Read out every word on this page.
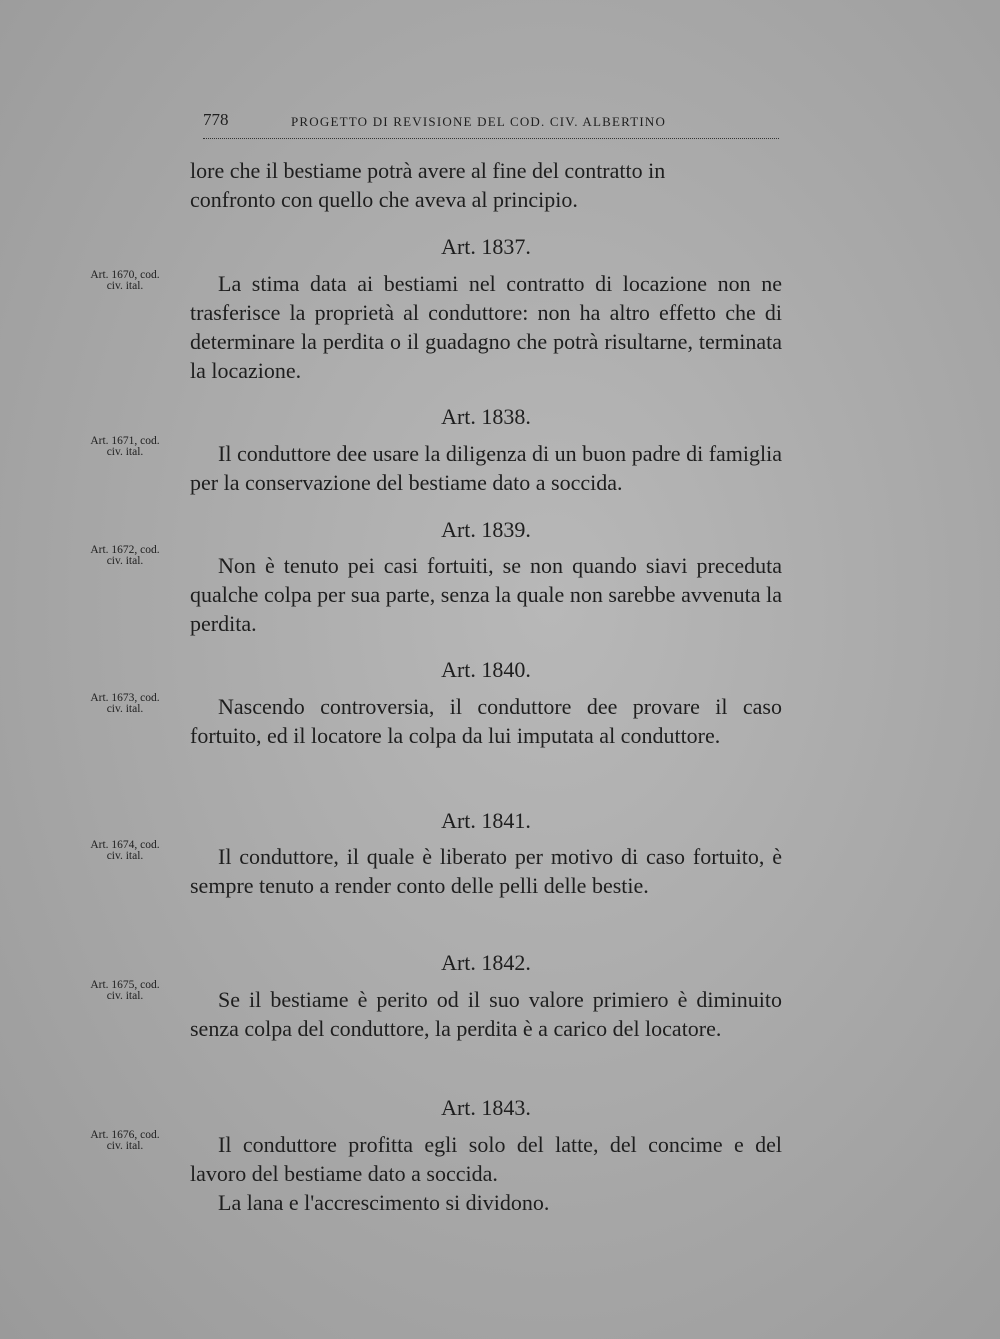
778	PROGETTO DI REVISIONE DEL COD. CIV. ALBERTINO

lore che il bestiame potrà avere al fine del contratto in

confronto con quello che aveva al principio.

Art. 1837.
Art. 1670, cod.
civ. ital.	La stima data ai bestiami nel contratto di locazione non ne trasferisce la proprietà al conduttore: non ha altro effetto che di determinare la perdita o il guadagno che potrà risultarne, terminata la locazione.

Art. 1838.
Art. 1671, cod.
civ. ital.	Il conduttore dee usare la diligenza di un buon padre di famiglia per la conservazione del bestiame dato a soccida.

Art. 1839.
Art. 1672, cod.
civ. ital.	Non è tenuto pei casi fortuiti, se non quando siavi preceduta qualche colpa per sua parte, senza la quale non sarebbe avvenuta la perdita.

Art. 1840.
Art. 1673, cod.
civ. ital.	Nascendo controversia, il conduttore dee provare il caso fortuito, ed il locatore la colpa da lui imputata al conduttore.

Art. 1841.
Art. 1674, cod.
civ. ital.	Il conduttore, il quale è liberato per motivo di caso fortuito, è sempre tenuto a render conto delle pelli delle bestie.

Art. 1842.
Art. 1675, cod.
civ. ital.	Se il bestiame è perito od il suo valore primiero è diminuito senza colpa del conduttore, la perdita è a carico del locatore.

Art. 1843.
Art. 1676, cod.
civ. ital.	Il conduttore profitta egli solo del latte, del concime e del lavoro del bestiame dato a soccida.

La lana e l'accrescimento si dividono.
